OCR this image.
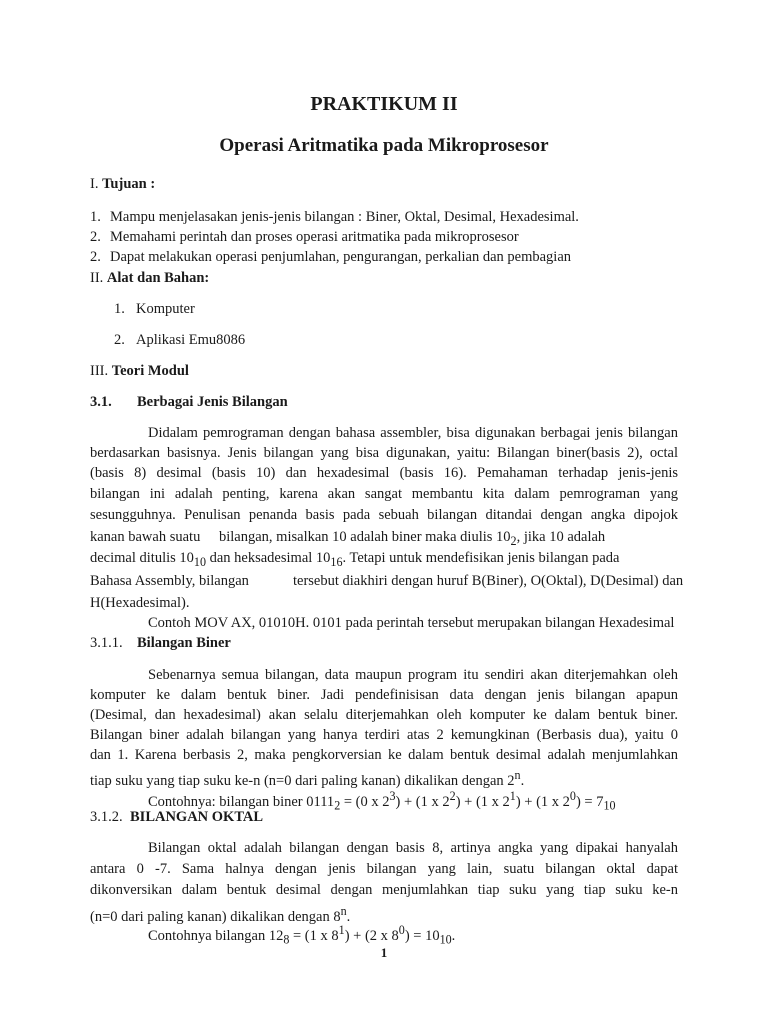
PRAKTIKUM II
Operasi Aritmatika pada Mikroprosesor
I. Tujuan :
1. Mampu menjelasakan jenis-jenis bilangan : Biner, Oktal, Desimal, Hexadesimal.
2. Memahami perintah dan proses operasi aritmatika pada mikroprosesor
2. Dapat melakukan operasi penjumlahan, pengurangan, perkalian dan pembagian
II. Alat dan Bahan:
1. Komputer
2. Aplikasi Emu8086
III. Teori Modul
3.1. Berbagai Jenis Bilangan
Didalam pemrograman dengan bahasa assembler, bisa digunakan berbagai jenis bilangan
berdasarkan basisnya. Jenis bilangan yang bisa digunakan, yaitu: Bilangan biner(basis 2), octal
(basis 8) desimal (basis 10) dan hexadesimal (basis 16). Pemahaman terhadap jenis-jenis
bilangan ini adalah penting, karena akan sangat membantu kita dalam pemrograman yang
sesungguhnya. Penulisan penanda basis pada sebuah bilangan ditandai dengan angka dipojok
kanan bawah suatu bilangan, misalkan 10 adalah biner maka diulis $10_2$, jika 10 adalah
decimal ditulis $10_{10}$ dan heksadesimal $10_{16}$. Tetapi untuk mendefisikan jenis bilangan pada
Bahasa Assembly, bilangan	tersebut diakhiri dengan huruf B(Biner), O(Oktal), D(Desimal) dan
H(Hexadesimal).
Contoh MOV AX, 01010H. 0101 pada perintah tersebut merupakan bilangan Hexadesimal
3.1.1. Bilangan Biner
Sebenarnya semua bilangan, data maupun program itu sendiri akan diterjemahkan oleh
komputer ke dalam bentuk biner. Jadi pendefinisisan data dengan jenis bilangan apapun
(Desimal, dan hexadesimal) akan selalu diterjemahkan oleh komputer ke dalam bentuk biner.
Bilangan biner adalah bilangan yang hanya terdiri atas 2 kemungkinan (Berbasis dua), yaitu 0
dan 1. Karena berbasis 2, maka pengkorversian ke dalam bentuk desimal adalah menjumlahkan
tiap suku yang tiap suku ke-n (n=0 dari paling kanan) dikalikan dengan 2$^n$.
Contohnya: bilangan biner $0111_2 = (0$ x $2^3) + (1$ x $2^2) + (1$ x $2^1) + (1$ x $2^0) = 7_{10}$
3.1.2. BILANGAN OKTAL
Bilangan oktal adalah bilangan dengan basis 8, artinya angka yang dipakai hanyalah
antara 0 -7. Sama halnya dengan jenis bilangan yang lain, suatu bilangan oktal dapat
dikonversikan dalam bentuk desimal dengan menjumlahkan tiap suku yang tiap suku ke-n
(n=0 dari paling kanan) dikalikan dengan 8$^n$.
Contohnya bilangan $12_8 = (1$ x $8^1) + (2$ x $8^0) = 10_{10}$.
1
